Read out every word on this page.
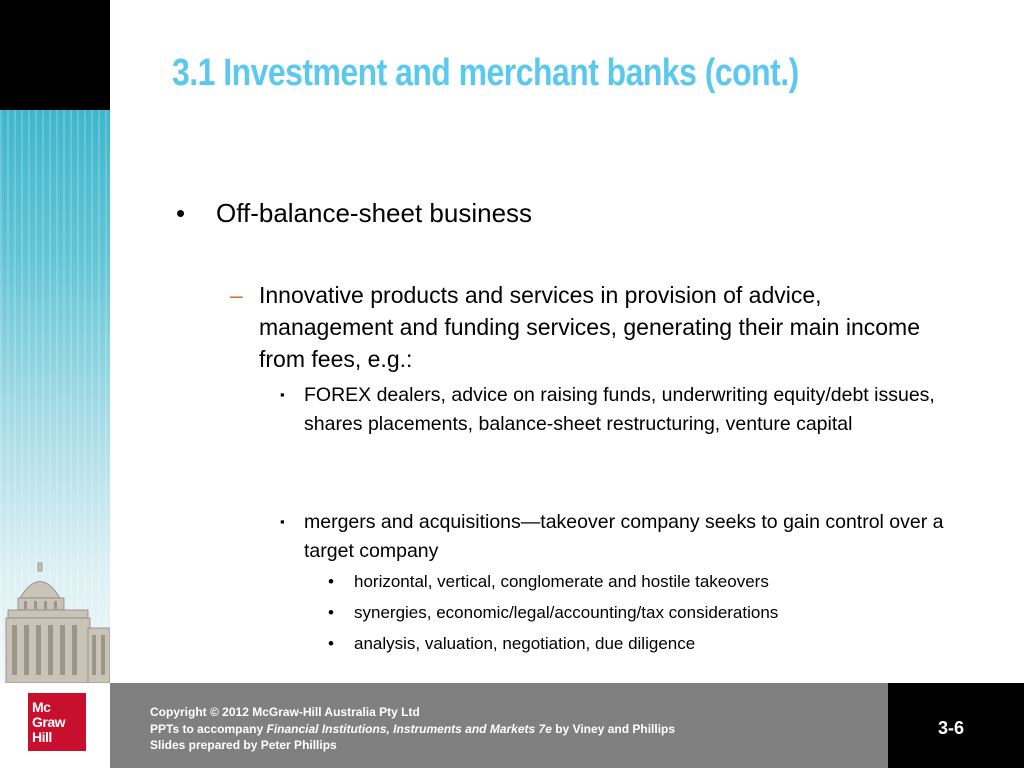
3.1 Investment and merchant banks (cont.)
• Off-balance-sheet business
– Innovative products and services in provision of advice, management and funding services, generating their main income from fees, e.g.:
▪ FOREX dealers, advice on raising funds, underwriting equity/debt issues, shares placements, balance-sheet restructuring, venture capital
▪ mergers and acquisitions—takeover company seeks to gain control over a target company
• horizontal, vertical, conglomerate and hostile takeovers
• synergies, economic/legal/accounting/tax considerations
• analysis, valuation, negotiation, due diligence
Mc
Graw
Hill
Copyright © 2012 McGraw-Hill Australia Pty Ltd
PPTs to accompany Financial Institutions, Instruments and Markets 7e by Viney and Phillips
Slides prepared by Peter Phillips
3-6
